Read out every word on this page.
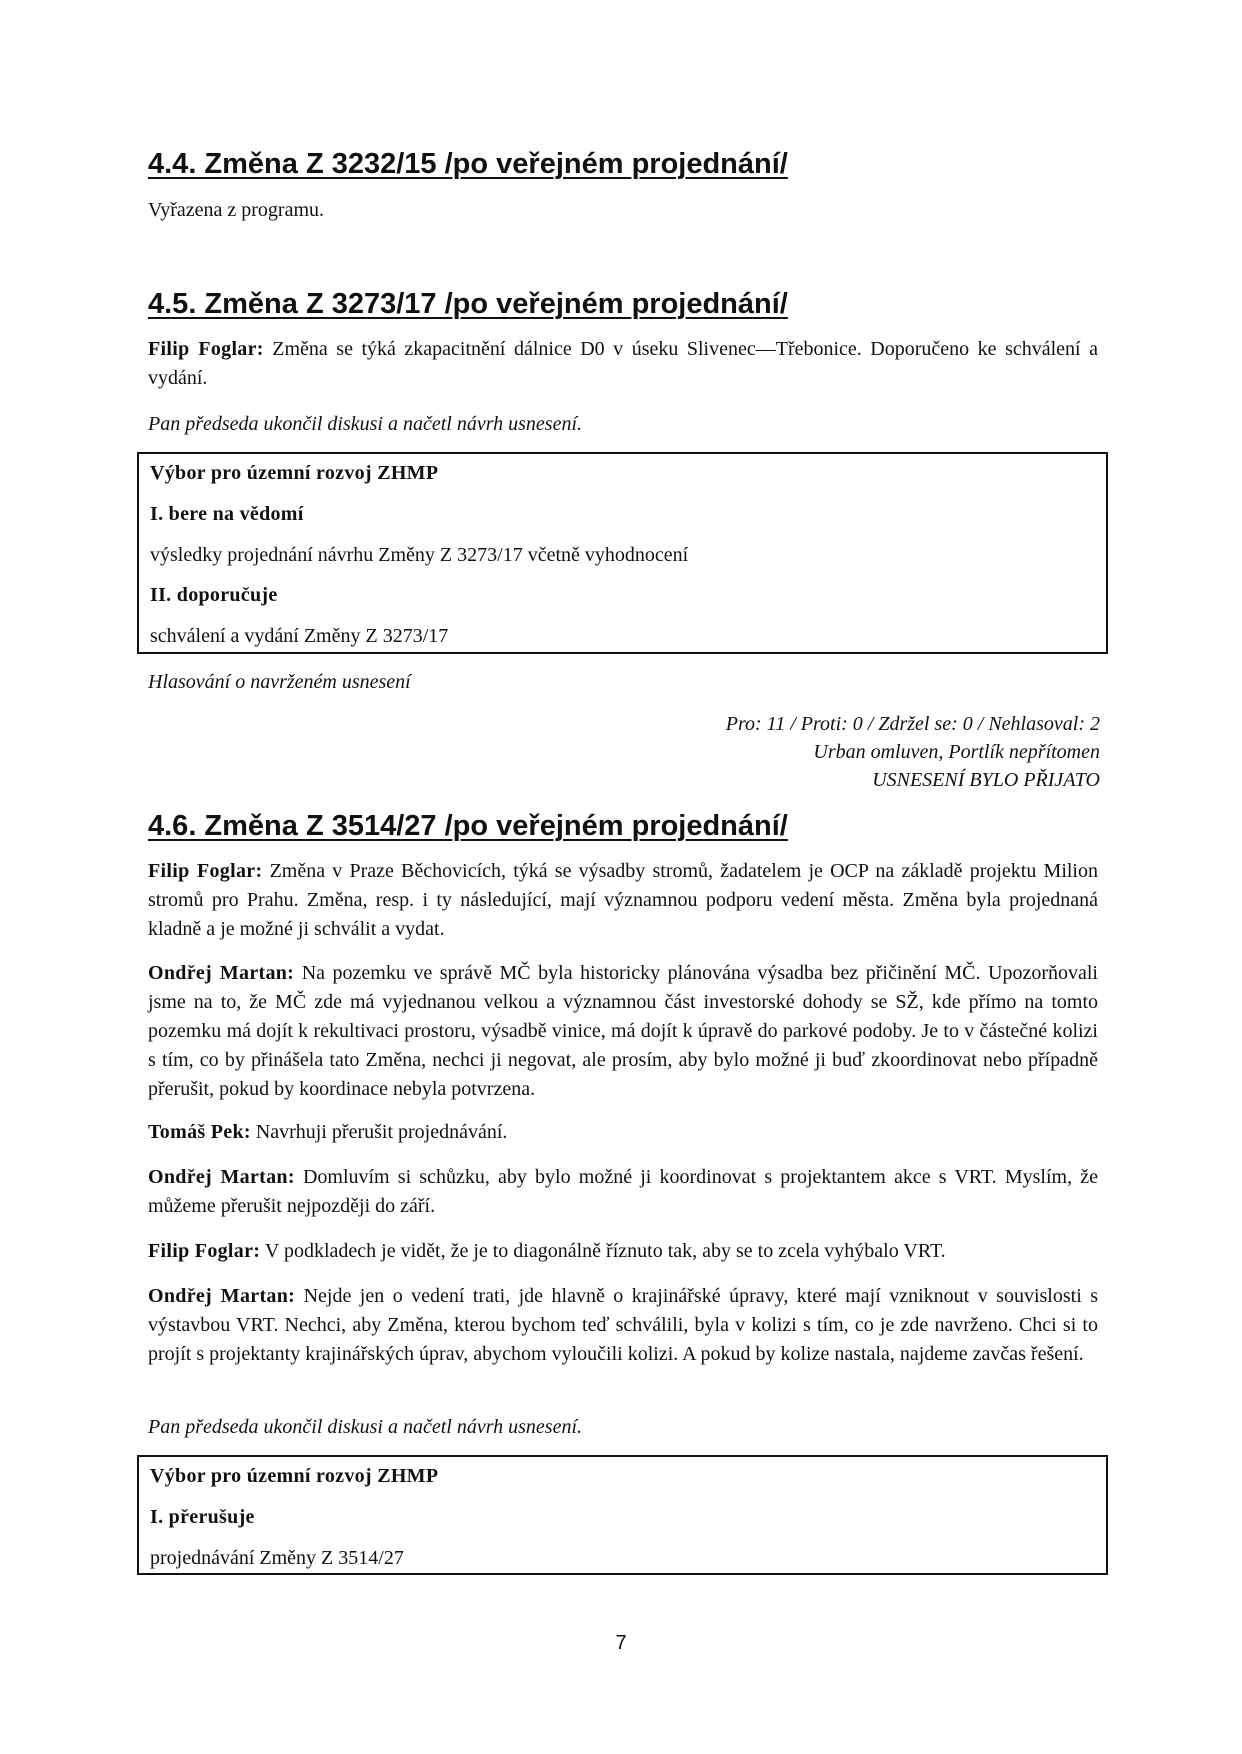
4.4. Změna Z 3232/15 /po veřejném projednání/
Vyřazena z programu.
4.5. Změna Z 3273/17 /po veřejném projednání/
Filip Foglar: Změna se týká zkapacitnění dálnice D0 v úseku Slivenec—Třebonice. Doporučeno ke schválení a vydání.
Pan předseda ukončil diskusi a načetl návrh usnesení.
Výbor pro územní rozvoj ZHMP
I. bere na vědomí
výsledky projednání návrhu Změny Z 3273/17 včetně vyhodnocení
II. doporučuje
schválení a vydání Změny Z 3273/17
Hlasování o navrženém usnesení
Pro: 11 / Proti: 0 / Zdržel se: 0 / Nehlasoval: 2
Urban omluven, Portlík nepřítomen
USNESENÍ BYLO PŘIJATO
4.6. Změna Z 3514/27 /po veřejném projednání/
Filip Foglar: Změna v Praze Běchovicích, týká se výsadby stromů, žadatelem je OCP na základě projektu Milion stromů pro Prahu. Změna, resp. i ty následující, mají významnou podporu vedení města. Změna byla projednaná kladně a je možné ji schválit a vydat.
Ondřej Martan: Na pozemku ve správě MČ byla historicky plánována výsadba bez přičinění MČ. Upozorňovali jsme na to, že MČ zde má vyjednanou velkou a významnou část investorské dohody se SŽ, kde přímo na tomto pozemku má dojít k rekultivaci prostoru, výsadbě vinice, má dojít k úpravě do parkové podoby. Je to v částečné kolizi s tím, co by přinášela tato Změna, nechci ji negovat, ale prosím, aby bylo možné ji buď zkoordinovat nebo případně přerušit, pokud by koordinace nebyla potvrzena.
Tomáš Pek: Navrhuji přerušit projednávání.
Ondřej Martan: Domluvím si schůzku, aby bylo možné ji koordinovat s projektantem akce s VRT. Myslím, že můžeme přerušit nejpozději do září.
Filip Foglar: V podkladech je vidět, že je to diagonálně říznuto tak, aby se to zcela vyhýbalo VRT.
Ondřej Martan: Nejde jen o vedení trati, jde hlavně o krajinářské úpravy, které mají vzniknout v souvislosti s výstavbou VRT. Nechci, aby Změna, kterou bychom teď schválili, byla v kolizi s tím, co je zde navrženo. Chci si to projít s projektanty krajinářských úprav, abychom vyloučili kolizi. A pokud by kolize nastala, najdeme zavčas řešení.
Pan předseda ukončil diskusi a načetl návrh usnesení.
Výbor pro územní rozvoj ZHMP
I. přerušuje
projednávání Změny Z 3514/27
7
